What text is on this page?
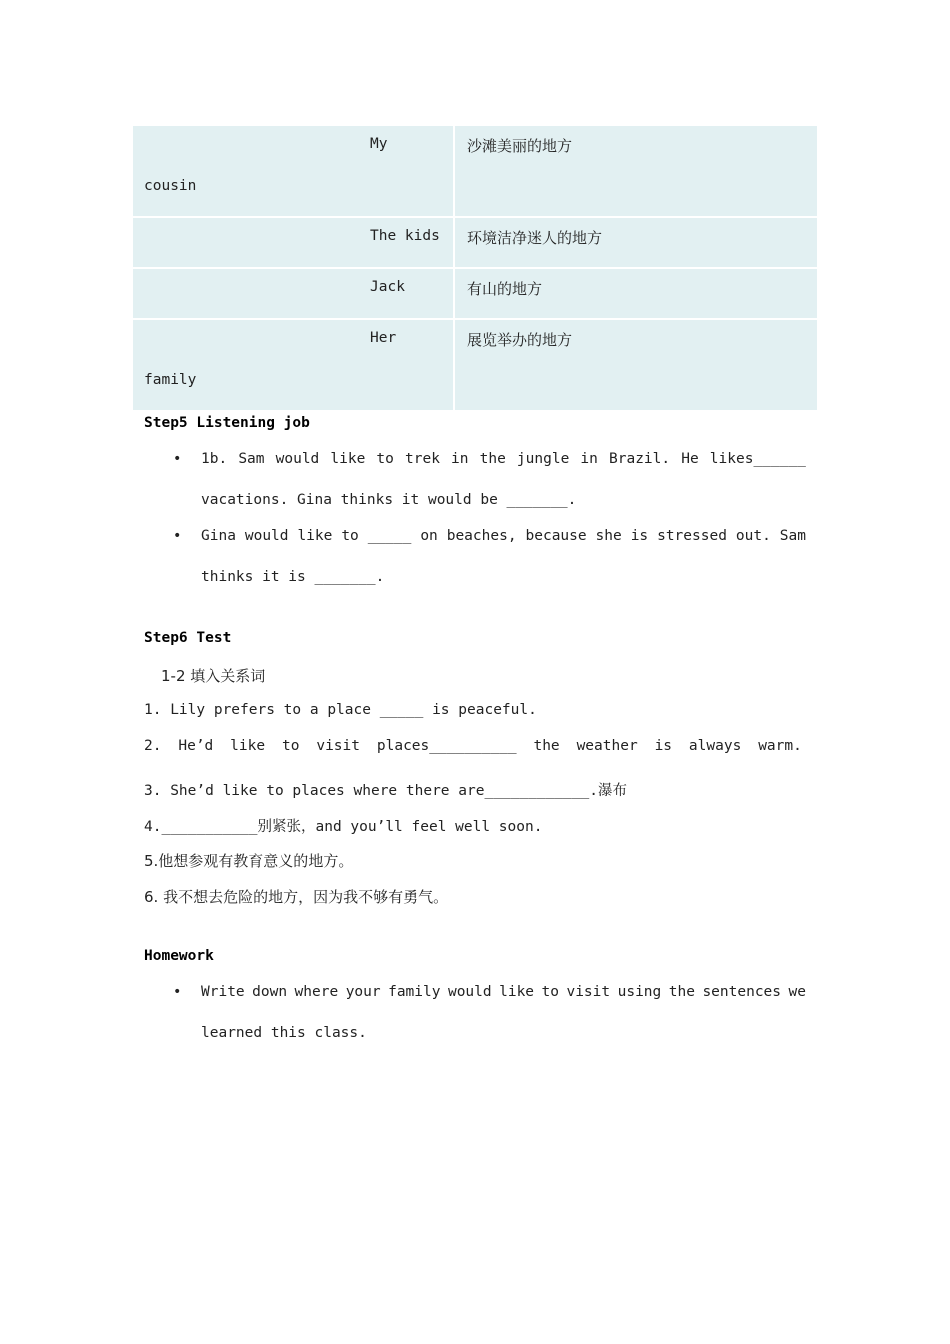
My
cousin
沙滩美丽的地方
The kids 环境洁净迷人的地方
Jack	有山的地方
Her
family
展览举办的地方
Step5 Listening job
• 1b. Sam would like to trek in the jungle in Brazil. He likes______
vacations. Gina thinks it would be _______.
• Gina would like to _____ on beaches, because she is stressed out. Sam
thinks it is _______.
Step6 Test
1-2 填入关系词
1. Lily prefers to a place _____ is peaceful.
2. He’d like to visit places__________ the weather is always warm.
3. She’d like to places where there are____________.瀑布
4.___________别紧张，and you’ll feel well soon.
5.他想参观有教育意义的地方。
6. 我不想去危险的地方，因为我不够有勇气。
Homework
• Write down where your family would like to visit using the sentences we
learned this class.
